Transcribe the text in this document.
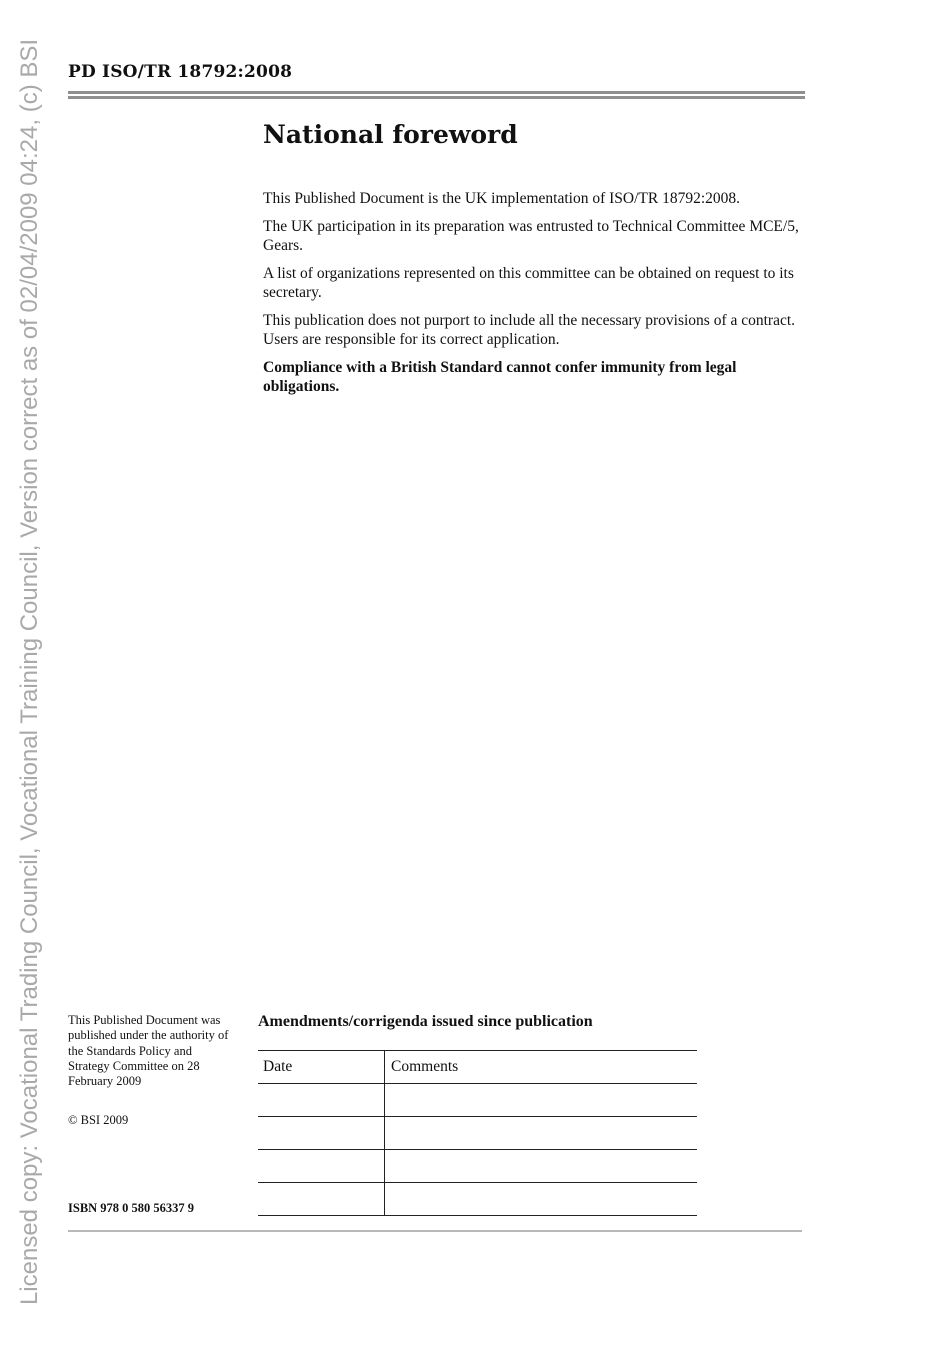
Licensed copy: Vocational Trading Council, Vocational Training Council, Version correct as of 02/04/2009 04:24, (c) BSI PD ISO/TR 18792:2008
National foreword

This Published Document is the UK implementation of ISO/TR 18792:2008.

The UK participation in its preparation was entrusted to Technical Committee MCE/5, Gears.

A list of organizations represented on this committee can be obtained on request to its secretary.

This publication does not purport to include all the necessary provisions of a contract. Users are responsible for its correct application.

Compliance with a British Standard cannot confer immunity from legal obligations.

This Published Document was published under the authority of the Standards Policy and Strategy Committee on 28 February 2009
© BSI 2009
ISBN 978 0 580 56337 9
Amendments/corrigenda issued since publication
Date	Comments
